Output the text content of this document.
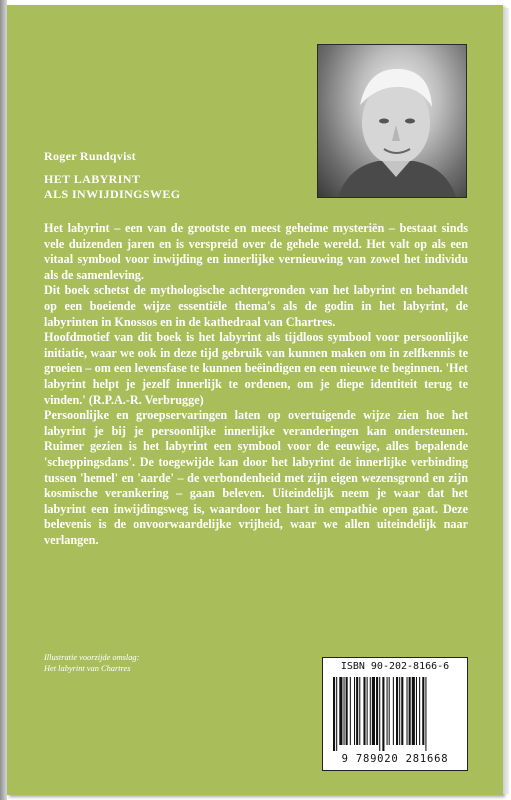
Roger Rundqvist
HET LABYRINT
ALS INWIJDINGSWEG

Het labyrint – een van de grootste en meest geheime mysteriën – bestaat sinds vele duizenden jaren en is verspreid over de gehele wereld. Het valt op als een vitaal symbool voor inwijding en innerlijke vernieuwing van zowel het individu als de samenleving.

Dit boek schetst de mythologische achtergronden van het labyrint en behandelt op een boeiende wijze essentiële thema's als de godin in het labyrint, de labyrinten in Knossos en in de kathedraal van Chartres.

Hoofdmotief van dit boek is het labyrint als tijdloos symbool voor persoonlijke initiatie, waar we ook in deze tijd gebruik van kunnen maken om in zelfkennis te groeien – om een levensfase te kunnen beëindigen en een nieuwe te beginnen. 'Het labyrint helpt je jezelf innerlijk te ordenen, om je diepe identiteit terug te vinden.' (R.P.A.-R. Verbrugge)

Persoonlijke en groepservaringen laten op overtuigende wijze zien hoe het labyrint je bij je persoonlijke innerlijke veranderingen kan ondersteunen. Ruimer gezien is het labyrint een symbool voor de eeuwige, alles bepalende 'scheppingsdans'. De toegewijde kan door het labyrint de innerlijke verbinding tussen 'hemel' en 'aarde' – de verbondenheid met zijn eigen wezensgrond en zijn kosmische verankering – gaan beleven. Uiteindelijk neem je waar dat het labyrint een inwijdingsweg is, waardoor het hart in empathie open gaat. Deze belevenis is de onvoorwaardelijke vrijheid, waar we allen uiteindelijk naar verlangen.

Illustratie voorzijde omslag:
Het labyrint van Chartres	ISBN 90-202-8166-6
9 789020 281668
